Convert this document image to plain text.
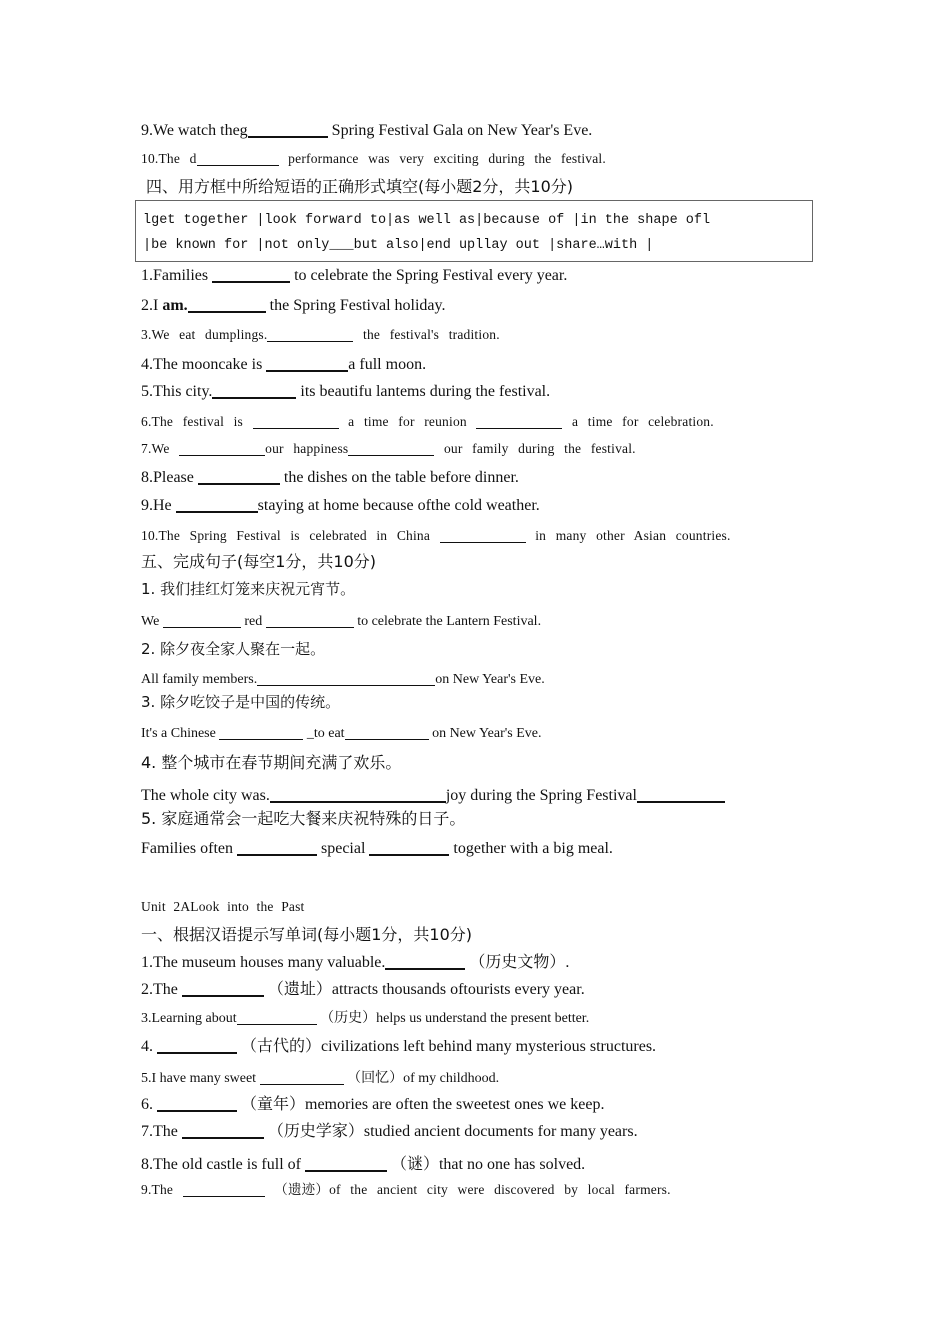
9.We watch theg	Spring Festival Gala on New Year's Eve.
10.The d	performance was very exciting during the festival.
四、用方框中所给短语的正确形式填空(每小题2分，共10分)
lget together |look forward to|as well as|because of |in the shape ofl
|be known for |not only___but also|end upllay out |share…with |
1.Families	to celebrate the Spring Festival every year.
2.I am.	the Spring Festival holiday.
3.We eat dumplings.	the festival's tradition.
4.The mooncake is	a full moon.
5.This city.	its beautifu lantems during the festival.
6.The festival is	a time for reunion	a time for celebration.
7.We	our happiness	our family during the festival.
8.Please	the dishes on the table before dinner.
9.He	staying at home because ofthe cold weather.
10.The Spring Festival is celebrated in China	in many other Asian countries.
五、完成句子(每空1分，共10分)
1. 我们挂红灯笼来庆祝元宵节。
We	red	to celebrate the Lantern Festival.
2. 除夕夜全家人聚在一起。
All family members.	on New Year's Eve.
3. 除夕吃饺子是中国的传统。
It's a Chinese	_to eat	on New Year's Eve.
4. 整个城市在春节期间充满了欢乐。
The whole city was.	joy during the Spring Festival
5. 家庭通常会一起吃大餐来庆祝特殊的日子。
Families often	special	together with a big meal.
Unit 2ALook into the Past
一、根据汉语提示写单词(每小题1分，共10分)
1.The museum houses many valuable.	（历史文物）.
2.The	（遗址）attracts thousands oftourists every year.
3.Learning about	（历史）helps us understand the present better.
4.	（古代的）civilizations left behind many mysterious structures.
5.I have many sweet	（回忆）of my childhood.
6.	（童年）memories are often the sweetest ones we keep.
7.The	（历史学家）studied ancient documents for many years.
8.The old castle is full of	（谜）that no one has solved.
9.The	（遗迹）of the ancient city were discovered by local farmers.
